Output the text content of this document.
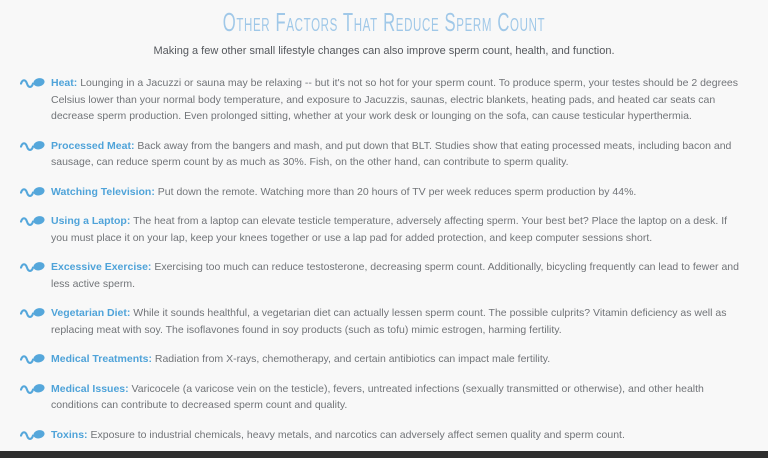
Other Factors That Reduce Sperm Count
Making a few other small lifestyle changes can also improve sperm count, health, and function.

Heat: Lounging in a Jacuzzi or sauna may be relaxing -- but it's not so hot for your sperm count. To produce sperm, your testes should be 2 degrees Celsius lower than your normal body temperature, and exposure to Jacuzzis, saunas, electric blankets, heating pads, and heated car seats can decrease sperm production. Even prolonged sitting, whether at your work desk or lounging on the sofa, can cause testicular hyperthermia.

Processed Meat: Back away from the bangers and mash, and put down that BLT. Studies show that eating processed meats, including bacon and sausage, can reduce sperm count by as much as 30%. Fish, on the other hand, can contribute to sperm quality.

Watching Television: Put down the remote. Watching more than 20 hours of TV per week reduces sperm production by 44%.

Using a Laptop: The heat from a laptop can elevate testicle temperature, adversely affecting sperm. Your best bet? Place the laptop on a desk. If you must place it on your lap, keep your knees together or use a lap pad for added protection, and keep computer sessions short.

Excessive Exercise: Exercising too much can reduce testosterone, decreasing sperm count. Additionally, bicycling frequently can lead to fewer and less active sperm.

Vegetarian Diet: While it sounds healthful, a vegetarian diet can actually lessen sperm count. The possible culprits? Vitamin deficiency as well as replacing meat with soy. The isoflavones found in soy products (such as tofu) mimic estrogen, harming fertility.

Medical Treatments: Radiation from X-rays, chemotherapy, and certain antibiotics can impact male fertility.

Medical Issues: Varicocele (a varicose vein on the testicle), fevers, untreated infections (sexually transmitted or otherwise), and other health conditions can contribute to decreased sperm count and quality.

Toxins: Exposure to industrial chemicals, heavy metals, and narcotics can adversely affect semen quality and sperm count.
